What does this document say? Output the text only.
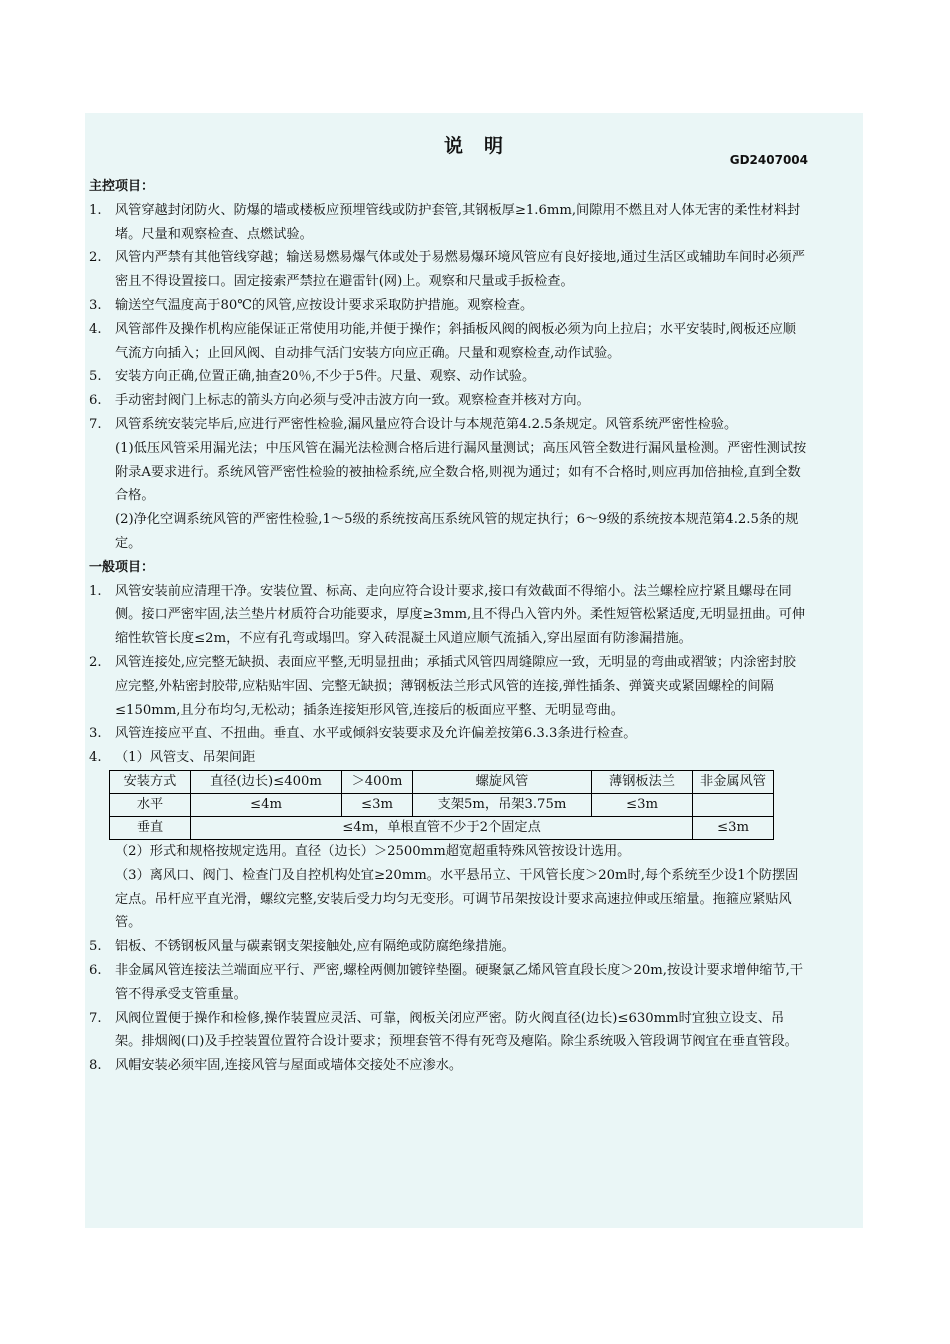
说　明
GD2407004
主控项目：
1. 风管穿越封闭防火、防爆的墙或楼板应预埋管线或防护套管,其钢板厚≥1.6mm,间隙用不燃且对人体无害的柔性材料封堵。尺量和观察检查、点燃试验。
2. 风管内严禁有其他管线穿越；输送易燃易爆气体或处于易燃易爆环境风管应有良好接地,通过生活区或辅助车间时必须严密且不得设置接口。固定接索严禁拉在避雷针(网)上。观察和尺量或手扳检查。
3. 输送空气温度高于80℃的风管,应按设计要求采取防护措施。观察检查。
4. 风管部件及操作机构应能保证正常使用功能,并便于操作；斜插板风阀的阀板必须为向上拉启；水平安装时,阀板还应顺气流方向插入；止回风阀、自动排气活门安装方向应正确。尺量和观察检查,动作试验。
5. 安装方向正确,位置正确,抽查20％,不少于5件。尺量、观察、动作试验。
6. 手动密封阀门上标志的箭头方向必须与受冲击波方向一致。观察检查并核对方向。
7. 风管系统安装完毕后,应进行严密性检验,漏风量应符合设计与本规范第4.2.5条规定。风管系统严密性检验。
(1)低压风管采用漏光法；中压风管在漏光法检测合格后进行漏风量测试；高压风管全数进行漏风量检测。严密性测试按附录A要求进行。系统风管严密性检验的被抽检系统,应全数合格,则视为通过；如有不合格时,则应再加倍抽检,直到全数合格。
(2)净化空调系统风管的严密性检验,1～5级的系统按高压系统风管的规定执行；6～9级的系统按本规范第4.2.5条的规定。
一般项目：
1. 风管安装前应清理干净。安装位置、标高、走向应符合设计要求,接口有效截面不得缩小。法兰螺栓应拧紧且螺母在同侧。接口严密牢固,法兰垫片材质符合功能要求，厚度≥3mm,且不得凸入管内外。柔性短管松紧适度,无明显扭曲。可伸缩性软管长度≤2m，不应有孔弯或塌凹。穿入砖混凝土风道应顺气流插入,穿出屋面有防渗漏措施。
2. 风管连接处,应完整无缺损、表面应平整,无明显扭曲；承插式风管四周缝隙应一致，无明显的弯曲或褶皱；内涂密封胶应完整,外粘密封胶带,应粘贴牢固、完整无缺损；薄钢板法兰形式风管的连接,弹性插条、弹簧夹或紧固螺栓的间隔≤150mm,且分布均匀,无松动；插条连接矩形风管,连接后的板面应平整、无明显弯曲。
3. 风管连接应平直、不扭曲。垂直、水平或倾斜安装要求及允许偏差按第6.3.3条进行检查。
4. （1）风管支、吊架间距
安装方式	直径(边长)≤400m	＞400m	螺旋风管	薄钢板法兰	非金属风管
水平	≤4m	≤3m	支架5m，吊架3.75m	≤3m	
垂直	≤4m，单根直管不少于2个固定点				≤3m
（2）形式和规格按规定选用。直径（边长）＞2500mm超宽超重特殊风管按设计选用。
（3）离风口、阀门、检查门及自控机构处宜≥20mm。水平悬吊立、干风管长度＞20m时,每个系统至少设1个防摆固定点。吊杆应平直光滑，螺纹完整,安装后受力均匀无变形。可调节吊架按设计要求高速拉伸或压缩量。拖箍应紧贴风管。
5. 铝板、不锈钢板风量与碳素钢支架接触处,应有隔绝或防腐绝缘措施。
6. 非金属风管连接法兰端面应平行、严密,螺栓两侧加镀锌垫圈。硬聚氯乙烯风管直段长度＞20m,按设计要求增伸缩节,干管不得承受支管重量。
7. 风阀位置便于操作和检修,操作装置应灵活、可靠，阀板关闭应严密。防火阀直径(边长)≤630mm时宜独立设支、吊架。排烟阀(口)及手控装置位置符合设计要求；预埋套管不得有死弯及瘪陷。除尘系统吸入管段调节阀宜在垂直管段。
8. 风帽安装必须牢固,连接风管与屋面或墙体交接处不应渗水。
